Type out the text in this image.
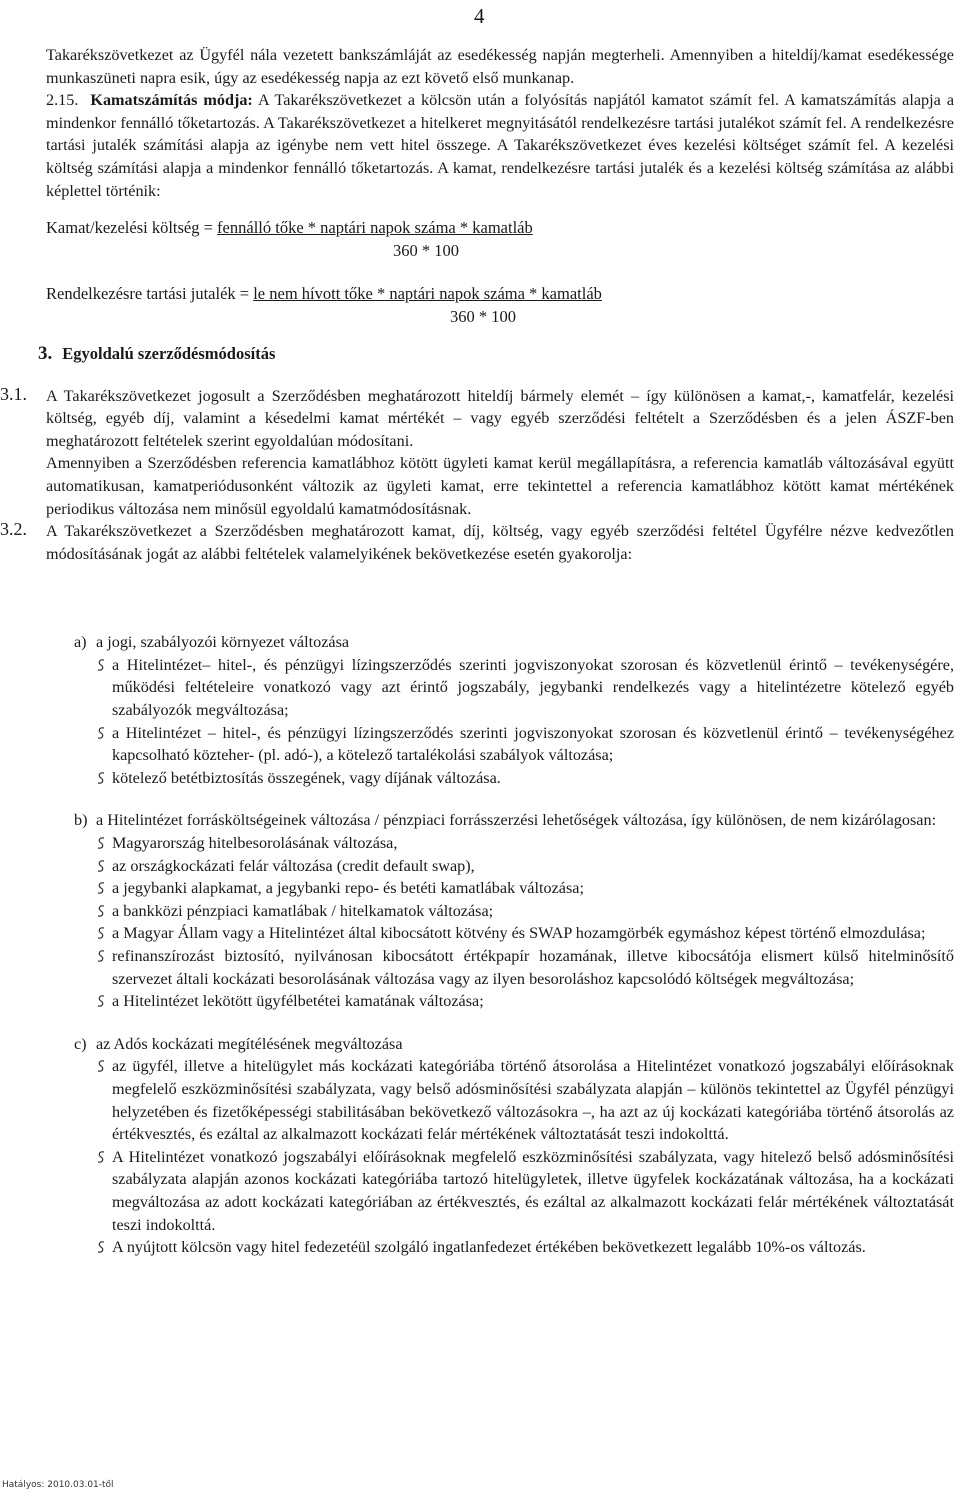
4

Takarékszövetkezet az Ügyfél nála vezetett bankszámláját az esedékesség napján megterheli. Amennyiben a hiteldíj/kamat esedékessége munkaszüneti napra esik, úgy az esedékesség napja az ezt követő első munkanap.

2.15. Kamatszámítás módja: A Takarékszövetkezet a kölcsön után a folyósítás napjától kamatot számít fel. A kamatszámítás alapja a mindenkor fennálló tőketartozás. A Takarékszövetkezet a hitelkeret megnyitásától rendelkezésre tartási jutalékot számít fel. A rendelkezésre tartási jutalék számítási alapja az igénybe nem vett hitel összege. A Takarékszövetkezet éves kezelési költséget számít fel. A kezelési költség számítási alapja a mindenkor fennálló tőketartozás. A kamat, rendelkezésre tartási jutalék és a kezelési költség számítása az alábbi képlettel történik:

Kamat/kezelési költség = fennálló tőke * naptári napok száma * kamatláb
360 * 100
Rendelkezésre tartási jutalék = le nem hívott tőke * naptári napok száma * kamatláb
360 * 100
3. Egyoldalú szerződésmódosítás
3.1. A Takarékszövetkezet jogosult a Szerződésben meghatározott hiteldíj bármely elemét – így különösen a kamat,-, kamatfelár, kezelési költség, egyéb díj, valamint a késedelmi kamat mértékét – vagy egyéb szerződési feltételt a Szerződésben és a jelen ÁSZF-ben meghatározott feltételek szerint egyoldalúan módosítani.

Amennyiben a Szerződésben referencia kamatlábhoz kötött ügyleti kamat kerül megállapításra, a referencia kamatláb változásával együtt automatikusan, kamatperiódusonként változik az ügyleti kamat, erre tekintettel a referencia kamatlábhoz kötött kamat mértékének periodikus változása nem minősül egyoldalú kamatmódosításnak.

3.2. A Takarékszövetkezet a Szerződésben meghatározott kamat, díj, költség, vagy egyéb szerződési feltétel Ügyfélre nézve kedvezőtlen módosításának jogát az alábbi feltételek valamelyikének bekövetkezése esetén gyakorolja:

a) a jogi, szabályozói környezet változása
a Hitelintézet– hitel-, és pénzügyi lízingszerződés szerinti jogviszonyokat szorosan és közvetlenül érintő – tevékenységére, működési feltételeire vonatkozó vagy azt érintő jogszabály, jegybanki rendelkezés vagy a hitelintézetre kötelező egyéb szabályozók megváltozása;
a Hitelintézet – hitel-, és pénzügyi lízingszerződés szerinti jogviszonyokat szorosan és közvetlenül érintő – tevékenységéhez kapcsolható közteher- (pl. adó-), a kötelező tartalékolási szabályok változása;
kötelező betétbiztosítás összegének, vagy díjának változása.
b) a Hitelintézet forrásköltségeinek változása / pénzpiaci forrásszerzési lehetőségek változása, így különösen, de nem kizárólagosan:
Magyarország hitelbesorolásának változása,
az országkockázati felár változása (credit default swap),
a jegybanki alapkamat, a jegybanki repo- és betéti kamatlábak változása;
a bankközi pénzpiaci kamatlábak / hitelkamatok változása;
a Magyar Állam vagy a Hitelintézet által kibocsátott kötvény és SWAP hozamgörbék egymáshoz képest történő elmozdulása;
refinanszírozást biztosító, nyilvánosan kibocsátott értékpapír hozamának, illetve kibocsátója elismert külső hitelminősítő szervezet általi kockázati besorolásának változása vagy az ilyen besoroláshoz kapcsolódó költségek megváltozása;
a Hitelintézet lekötött ügyfélbetétei kamatának változása;
c) az Adós kockázati megítélésének megváltozása
az ügyfél, illetve a hitelügylet más kockázati kategóriába történő átsorolása a Hitelintézet vonatkozó jogszabályi előírásoknak megfelelő eszközminősítési szabályzata, vagy belső adósminősítési szabályzata alapján – különös tekintettel az Ügyfél pénzügyi helyzetében és fizetőképességi stabilitásában bekövetkező változásokra –, ha azt az új kockázati kategóriába történő átsorolás az értékvesztés, és ezáltal az alkalmazott kockázati felár mértékének változtatását teszi indokolttá.
A Hitelintézet vonatkozó jogszabályi előírásoknak megfelelő eszközminősítési szabályzata, vagy hitelező belső adósminősítési szabályzata alapján azonos kockázati kategóriába tartozó hitelügyletek, illetve ügyfelek kockázatának változása, ha a kockázati megváltozása az adott kockázati kategóriában az értékvesztés, és ezáltal az alkalmazott kockázati felár mértékének változtatását teszi indokolttá.
A nyújtott kölcsön vagy hitel fedezetéül szolgáló ingatlanfedezet értékében bekövetkezett legalább 10%-os változás.
Hatályos: 2010.03.01-től
